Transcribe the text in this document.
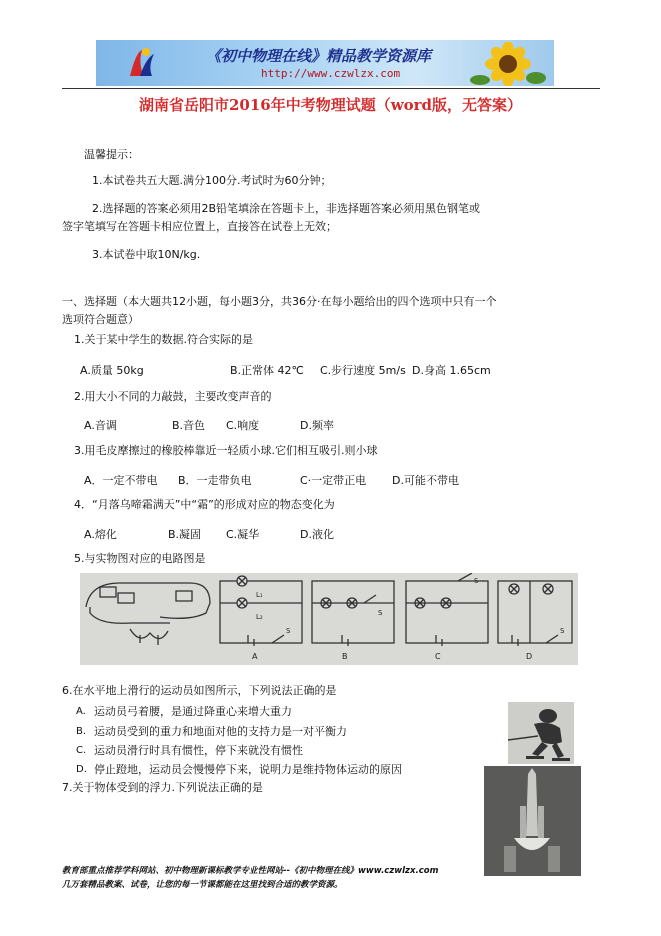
《初中物理在线》精品教学资源库
http://www.czwlzx.com
湖南省岳阳市2016年中考物理试题（word版，无答案）
温馨提示：
1.本试卷共五大题.满分100分.考试时为60分钟；
2.选择题的答案必须用2B铅笔填涂在答题卡上，非选择题答案必须用黑色钢笔或
签字笔填写在答题卡相应位置上，直接答在试卷上无效；
3.本试卷中取10N/kg.
一、选择题（本大题共12小题，每小题3分，共36分·在每小题给出的四个选项中只有一个
选项符合题意）
1.关于某中学生的数据.符合实际的是
A.质量 50kg	B.正常体 42℃ C.步行速度 5m/s D.身高 1.65cm
2.用大小不同的力敲鼓，主要改变声音的
A.音调	B.音色 C.响度	D.频率
3.用毛皮摩擦过的橡胶棒靠近一轻质小球.它们相互吸引.则小球
A．一定不带电 B．一走带负电	C·一定带正电 D.可能不带电
4．“月落乌啼霜满天”中“霜”的形成对应的物态变化为
A.熔化	B.凝固 C.凝华	D.液化
5.与实物图对应的电路图是
L₁
L₂
S
S
S
S
A	B	C	D
6.在水平地上滑行的运动员如图所示，下列说法正确的是
A. 运动员弓着腰，是通过降重心来增大重力
B. 运动员受到的重力和地面对他的支持力是一对平衡力
C. 运动员滑行时具有惯性，停下来就没有惯性
D. 停止蹬地，运动员会慢慢停下来，说明力是维持物体运动的原因
7.关于物体受到的浮力.下列说法正确的是
教育部重点推荐学科网站、初中物理新课标教学专业性网站--《初中物理在线》www.czwlzx.com
几万套精品教案、试卷，让您的每一节课都能在这里找到合适的教学资源。
